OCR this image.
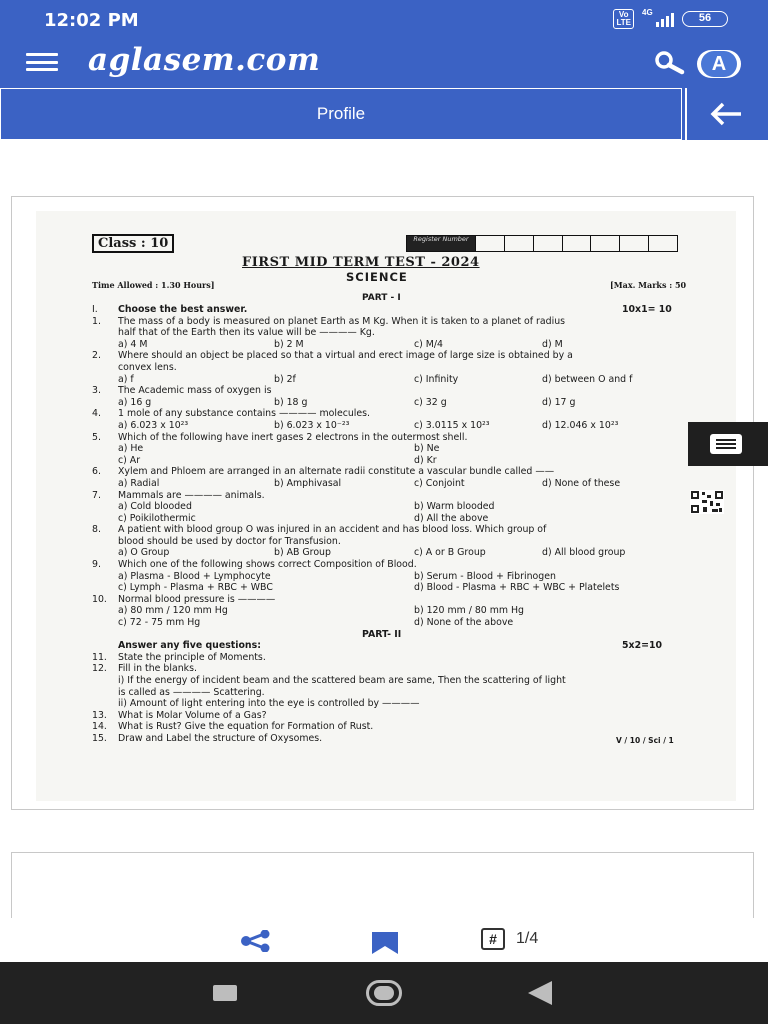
12:02 PM	Vo
LTE
4G	56
aglasem.com	A
Profile
Class : 10	Register Number
FIRST MID TERM TEST - 2024
SCIENCE
Time Allowed : 1.30 Hours]	[Max. Marks : 50
PART - I
I. Choose the best answer.	10x1= 10
1. The mass of a body is measured on planet Earth as M Kg. When it is taken to a planet of radius
half that of the Earth then its value will be ———— Kg.
a) 4 M	b) 2 M	c) M/4	d) M
2. Where should an object be placed so that a virtual and erect image of large size is obtained by a
convex lens.
a) f	b) 2f	c) Infinity	d) between O and f
3. The Academic mass of oxygen is
a) 16 g	b) 18 g	c) 32 g	d) 17 g
4. 1 mole of any substance contains ———— molecules.
a) 6.023 x 10²³	b) 6.023 x 10⁻²³	c) 3.0115 x 10²³	d) 12.046 x 10²³
5. Which of the following have inert gases 2 electrons in the outermost shell.
a) He	b) Ne
c) Ar	d) Kr
6. Xylem and Phloem are arranged in an alternate radii constitute a vascular bundle called ——
a) Radial	b) Amphivasal	c) Conjoint	d) None of these
7. Mammals are ———— animals.
a) Cold blooded	b) Warm blooded
c) Poikilothermic	d) All the above
8. A patient with blood group O was injured in an accident and has blood loss. Which group of
blood should be used by doctor for Transfusion.
a) O Group	b) AB Group	c) A or B Group	d) All blood group
9. Which one of the following shows correct Composition of Blood.
a) Plasma - Blood + Lymphocyte	b) Serum - Blood + Fibrinogen
c) Lymph - Plasma + RBC + WBC	d) Blood - Plasma + RBC + WBC + Platelets
10. Normal blood pressure is ————
a) 80 mm / 120 mm Hg	b) 120 mm / 80 mm Hg
c) 72 - 75 mm Hg	d) None of the above
PART- II
Answer any five questions:	5x2=10
11. State the principle of Moments.
12. Fill in the blanks.
i) If the energy of incident beam and the scattered beam are same, Then the scattering of light
is called as ———— Scattering.
ii) Amount of light entering into the eye is controlled by ————
13. What is Molar Volume of a Gas?
14. What is Rust? Give the equation for Formation of Rust.
15. Draw and Label the structure of Oxysomes.	V / 10 / Sci / 1
#	1/4
